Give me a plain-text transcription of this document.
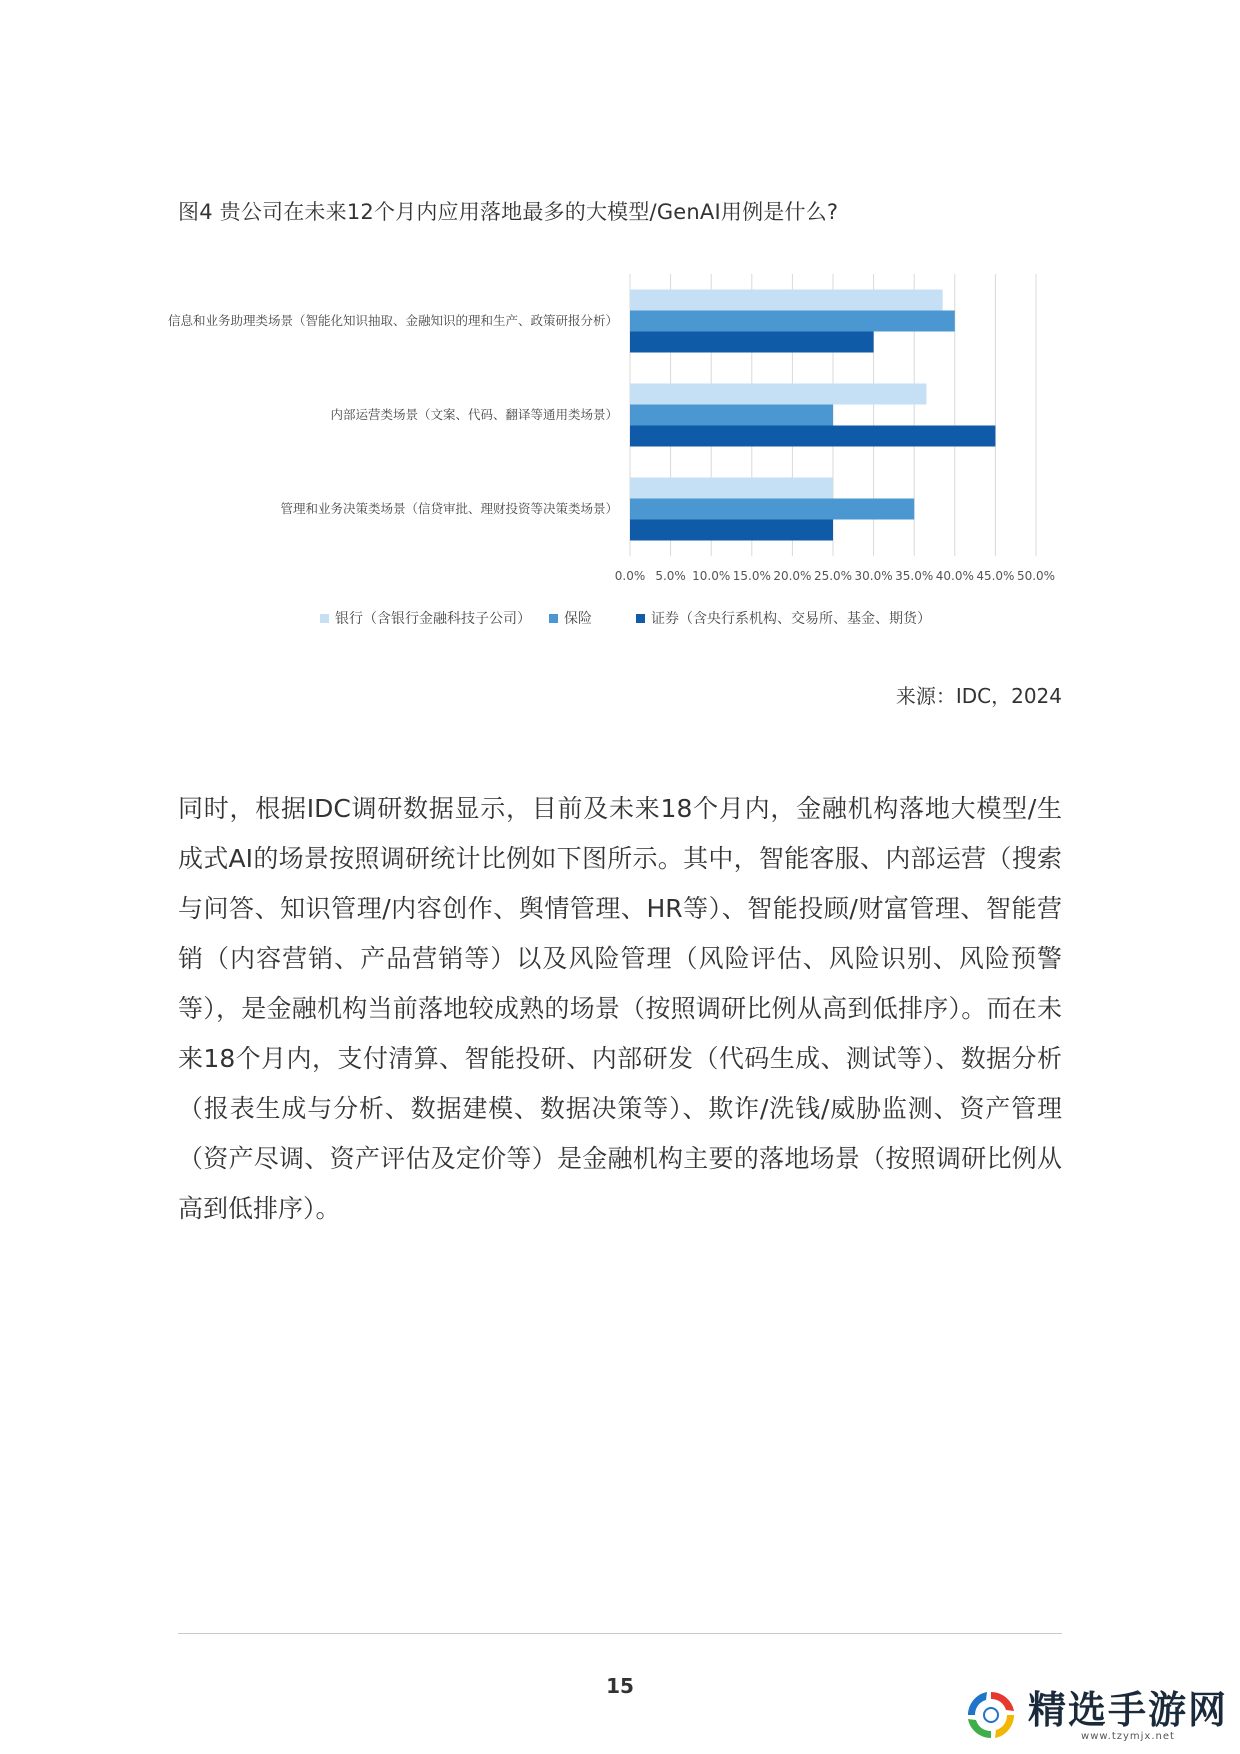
图4 贵公司在未来12个月内应用落地最多的大模型/GenAI用例是什么?
0.0% 5.0% 10.0% 15.0% 20.0% 25.0% 30.0% 35.0% 40.0% 45.0% 50.0%
信息和业务助理类场景（智能化知识抽取、金融知识的理和生产、政策研报分析）
内部运营类场景（文案、代码、翻译等通用类场景）
管理和业务决策类场景（信贷审批、理财投资等决策类场景）
银行（含银行金融科技子公司） 保险	证券（含央行系机构、交易所、基金、期货）
来源：IDC，2024

同时，根据IDC调研数据显示，目前及未来18个月内，金融机构落地大模型/生成式AI的场景按照调研统计比例如下图所示。其中，智能客服、内部运营（搜索与问答、知识管理/内容创作、舆情管理、HR等）、智能投顾/财富管理、智能营销（内容营销、产品营销等）以及风险管理（风险评估、风险识别、风险预警等），是金融机构当前落地较成熟的场景（按照调研比例从高到低排序）。而在未来18个月内，支付清算、智能投研、内部研发（代码生成、测试等）、数据分析（报表生成与分析、数据建模、数据决策等）、欺诈/洗钱/威胁监测、资产管理（资产尽调、资产评估及定价等）是金融机构主要的落地场景（按照调研比例从高到低排序）。

15
精选手游网
www.tzymjx.net
